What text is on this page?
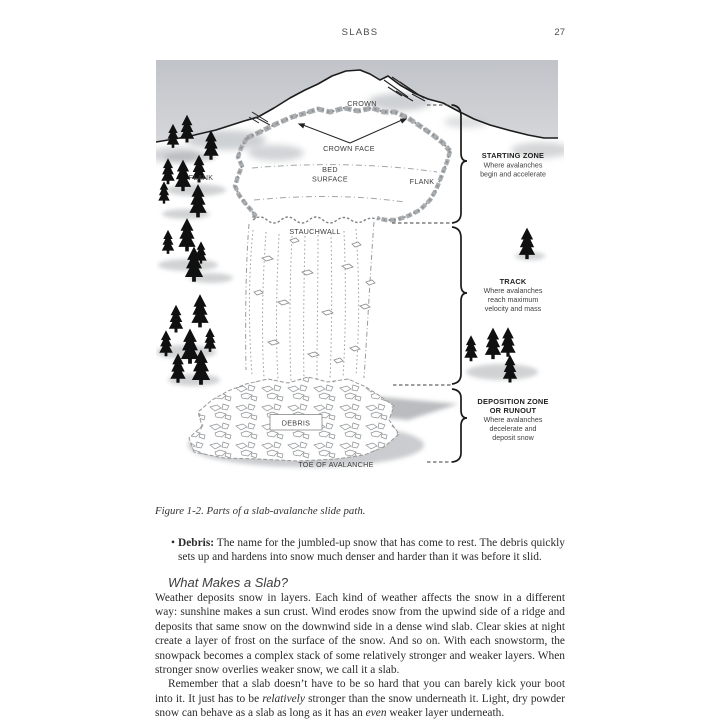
SLABS	27
CROWN
CROWN FACE
FLANK	FLANK
BED
SURFACE
STAUCHWALL
DEBRIS
TOE OF AVALANCHE
STARTING ZONE
Where avalanches
begin and accelerate
TRACK
Where avalanches
reach maximum
velocity and mass
DEPOSITION ZONE
OR RUNOUT
Where avalanches
decelerate and
deposit snow
Figure 1-2. Parts of a slab-avalanche slide path.
• Debris: The name for the jumbled-up snow that has come to rest. The debris quickly sets up and hardens into snow much denser and harder than it was before it slid.
What Makes a Slab?

Weather deposits snow in layers. Each kind of weather affects the snow in a different way: sunshine makes a sun crust. Wind erodes snow from the upwind side of a ridge and deposits that same snow on the downwind side in a dense wind slab. Clear skies at night create a layer of frost on the surface of the snow. And so on. With each snowstorm, the snowpack becomes a complex stack of some relatively stronger and weaker layers. When stronger snow overlies weaker snow, we call it a slab.

Remember that a slab doesn’t have to be so hard that you can barely kick your boot into it. It just has to be relatively stronger than the snow underneath it. Light, dry powder snow can behave as a slab as long as it has an even weaker layer underneath.
